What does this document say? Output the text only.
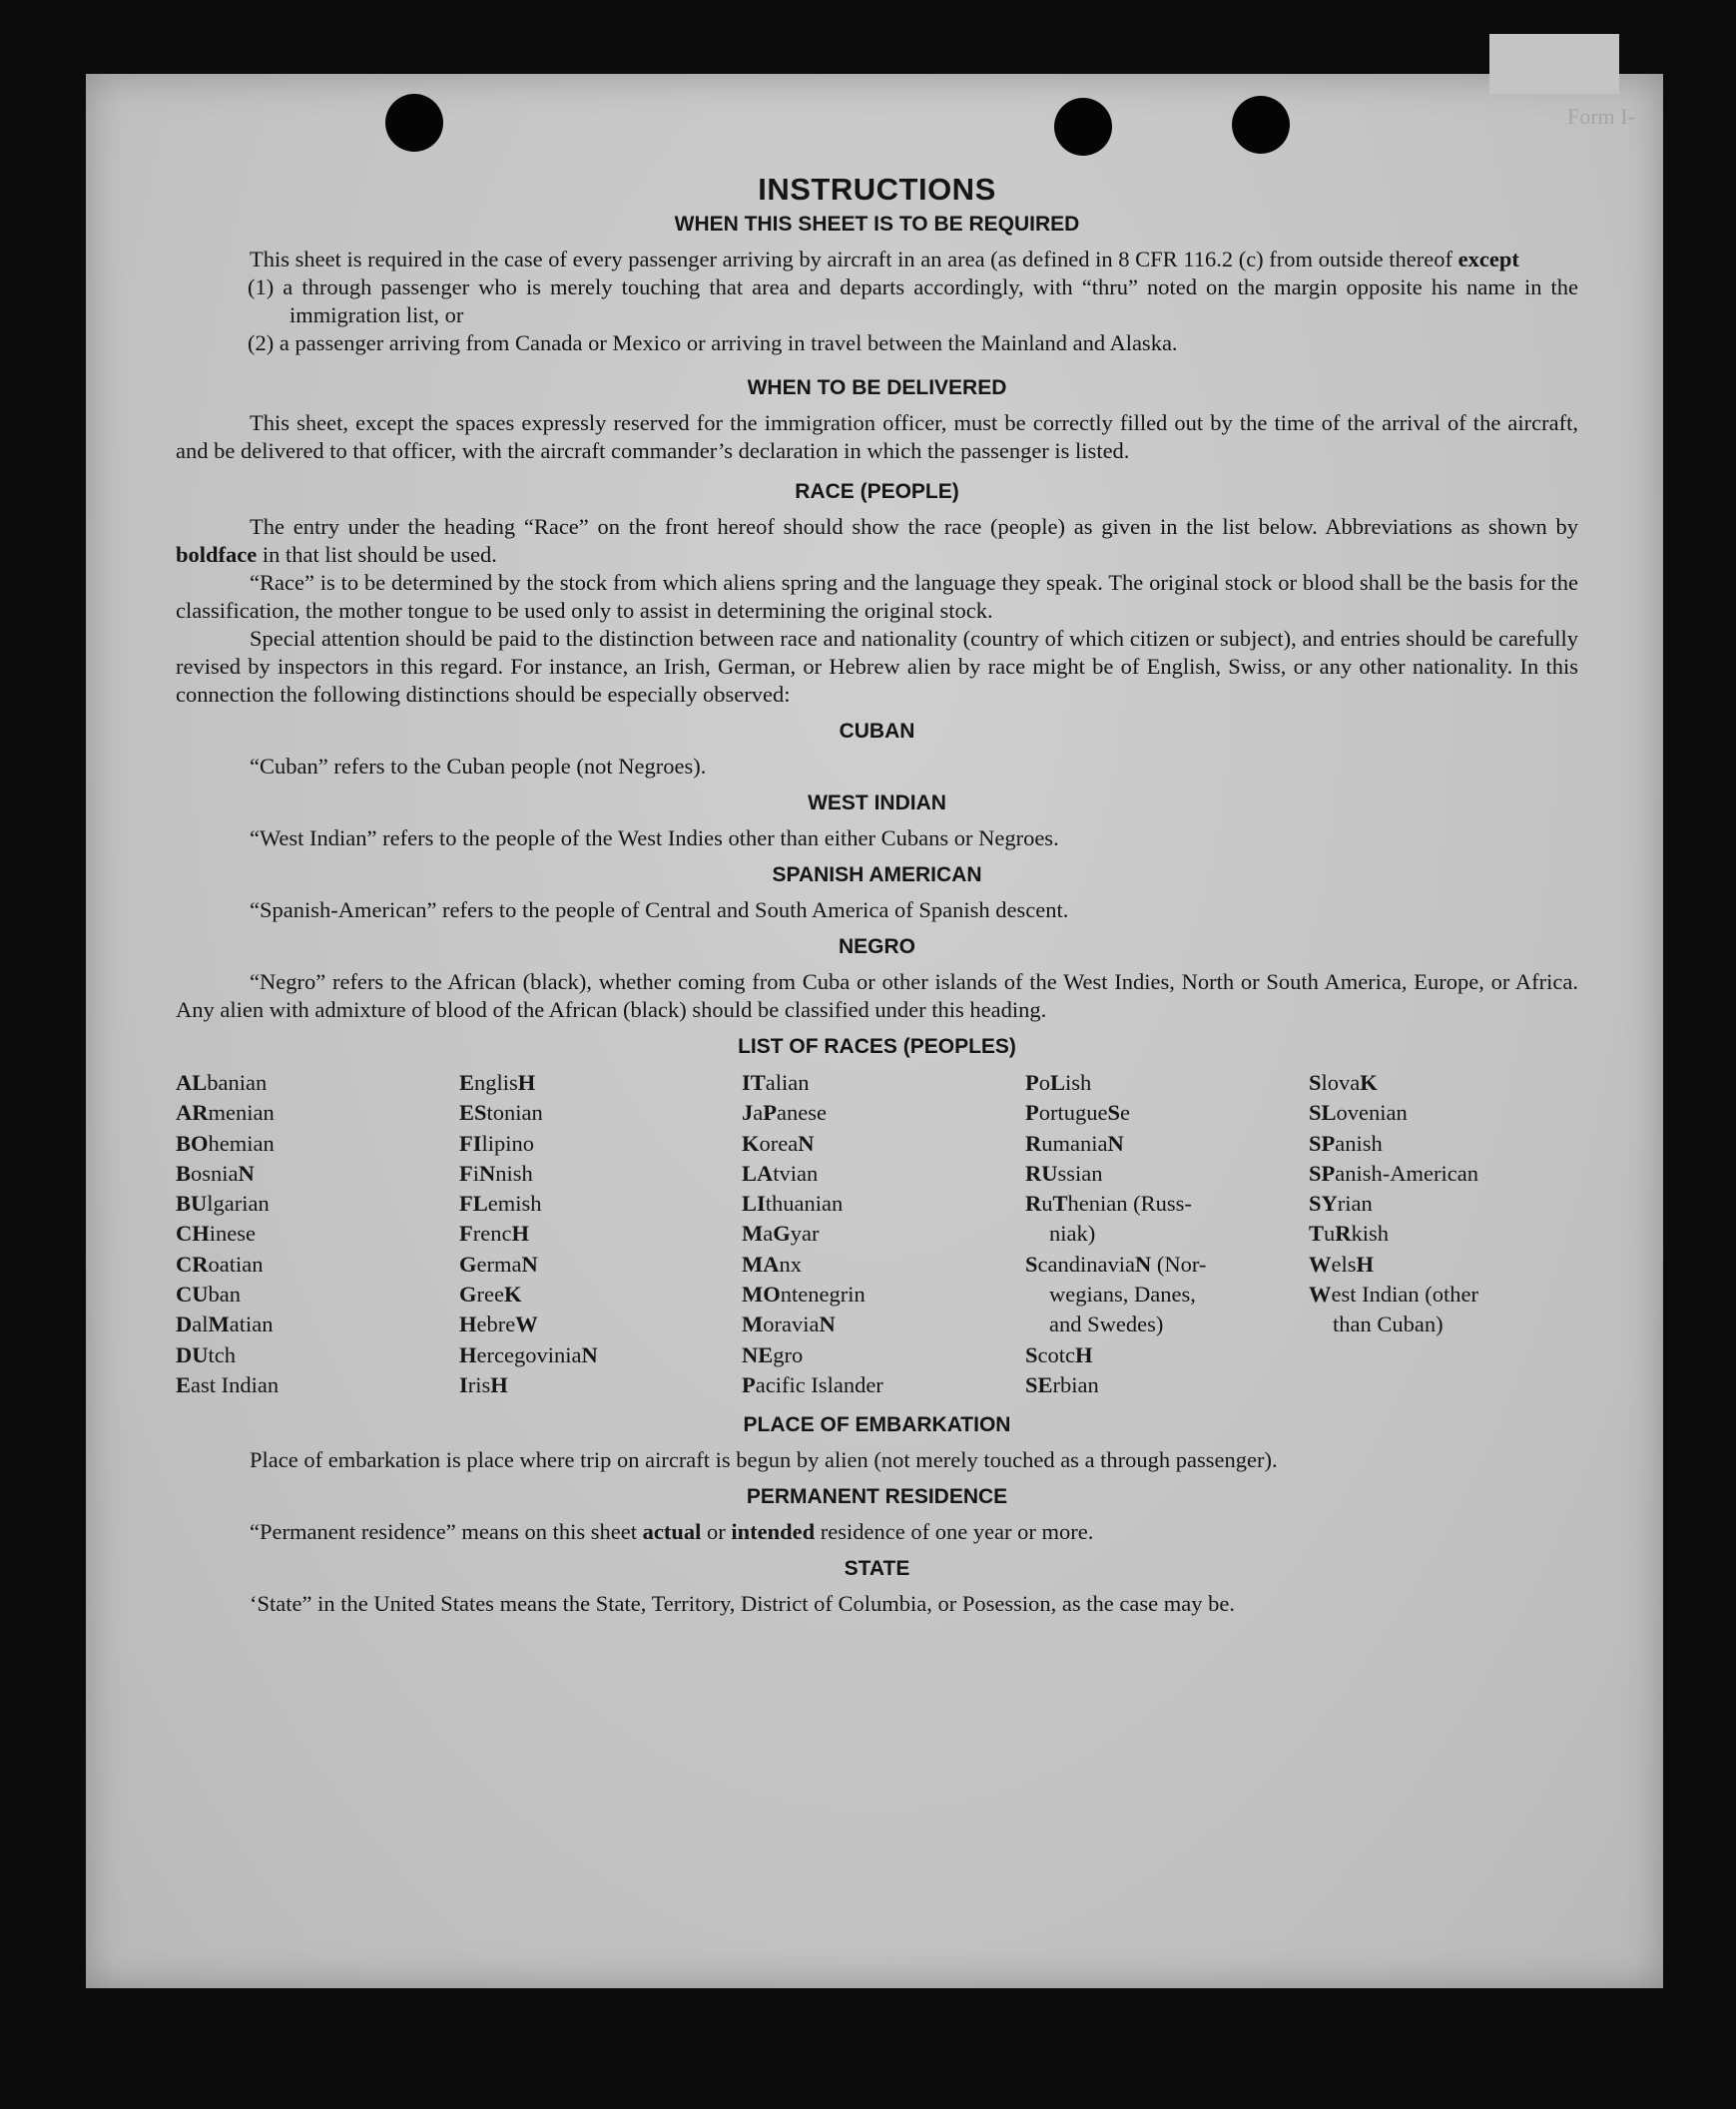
Form I-
INSTRUCTIONS
WHEN THIS SHEET IS TO BE REQUIRED

This sheet is required in the case of every passenger arriving by aircraft in an area (as defined in 8 CFR 116.2 (c) from outside thereof except

(1) a through passenger who is merely touching that area and departs accordingly, with “thru” noted on the margin opposite his name in the immigration list, or

(2) a passenger arriving from Canada or Mexico or arriving in travel between the Mainland and Alaska.

WHEN TO BE DELIVERED

This sheet, except the spaces expressly reserved for the immigration officer, must be correctly filled out by the time of the arrival of the aircraft, and be delivered to that officer, with the aircraft commander’s declaration in which the passenger is listed.

RACE (PEOPLE)

The entry under the heading “Race” on the front hereof should show the race (people) as given in the list below. Abbreviations as shown by boldface in that list should be used.

“Race” is to be determined by the stock from which aliens spring and the language they speak. The original stock or blood shall be the basis for the classification, the mother tongue to be used only to assist in determining the original stock.

Special attention should be paid to the distinction between race and nationality (country of which citizen or subject), and entries should be carefully revised by inspectors in this regard. For instance, an Irish, German, or Hebrew alien by race might be of English, Swiss, or any other nationality. In this connection the following distinctions should be especially observed:

CUBAN

“Cuban” refers to the Cuban people (not Negroes).

WEST INDIAN

“West Indian” refers to the people of the West Indies other than either Cubans or Negroes.

SPANISH AMERICAN

“Spanish-American” refers to the people of Central and South America of Spanish descent.

NEGRO

“Negro” refers to the African (black), whether coming from Cuba or other islands of the West Indies, North or South America, Europe, or Africa. Any alien with admixture of blood of the African (black) should be classified under this heading.

LIST OF RACES (PEOPLES)
ALbanian
ARmenian
BOhemian
BosniaN
BUlgarian
CHinese
CRoatian
CUban
DalMatian
DUtch
East Indian
EnglisH
EStonian
FIlipino
FiNnish
FLemish
FrencH
GermaN
GreeK
HebreW
HercegoviniaN
IrisH
ITalian
JaPanese
KoreaN
LAtvian
LIthuanian
MaGyar
MAnx
MOntenegrin
MoraviaN
NEgro
Pacific Islander
PoLish
PortugueSe
RumaniaN
RUssian
RuThenian (Russ-
niak)
ScandinaviaN (Nor-
wegians, Danes,
and Swedes)
ScotcH
SErbian
SlovaK
SLovenian
SPanish
SPanish-American
SYrian
TuRkish
WelsH
West Indian (other
than Cuban)
PLACE OF EMBARKATION

Place of embarkation is place where trip on aircraft is begun by alien (not merely touched as a through passenger).

PERMANENT RESIDENCE

“Permanent residence” means on this sheet actual or intended residence of one year or more.

STATE

‘State” in the United States means the State, Territory, District of Columbia, or Posession, as the case may be.
